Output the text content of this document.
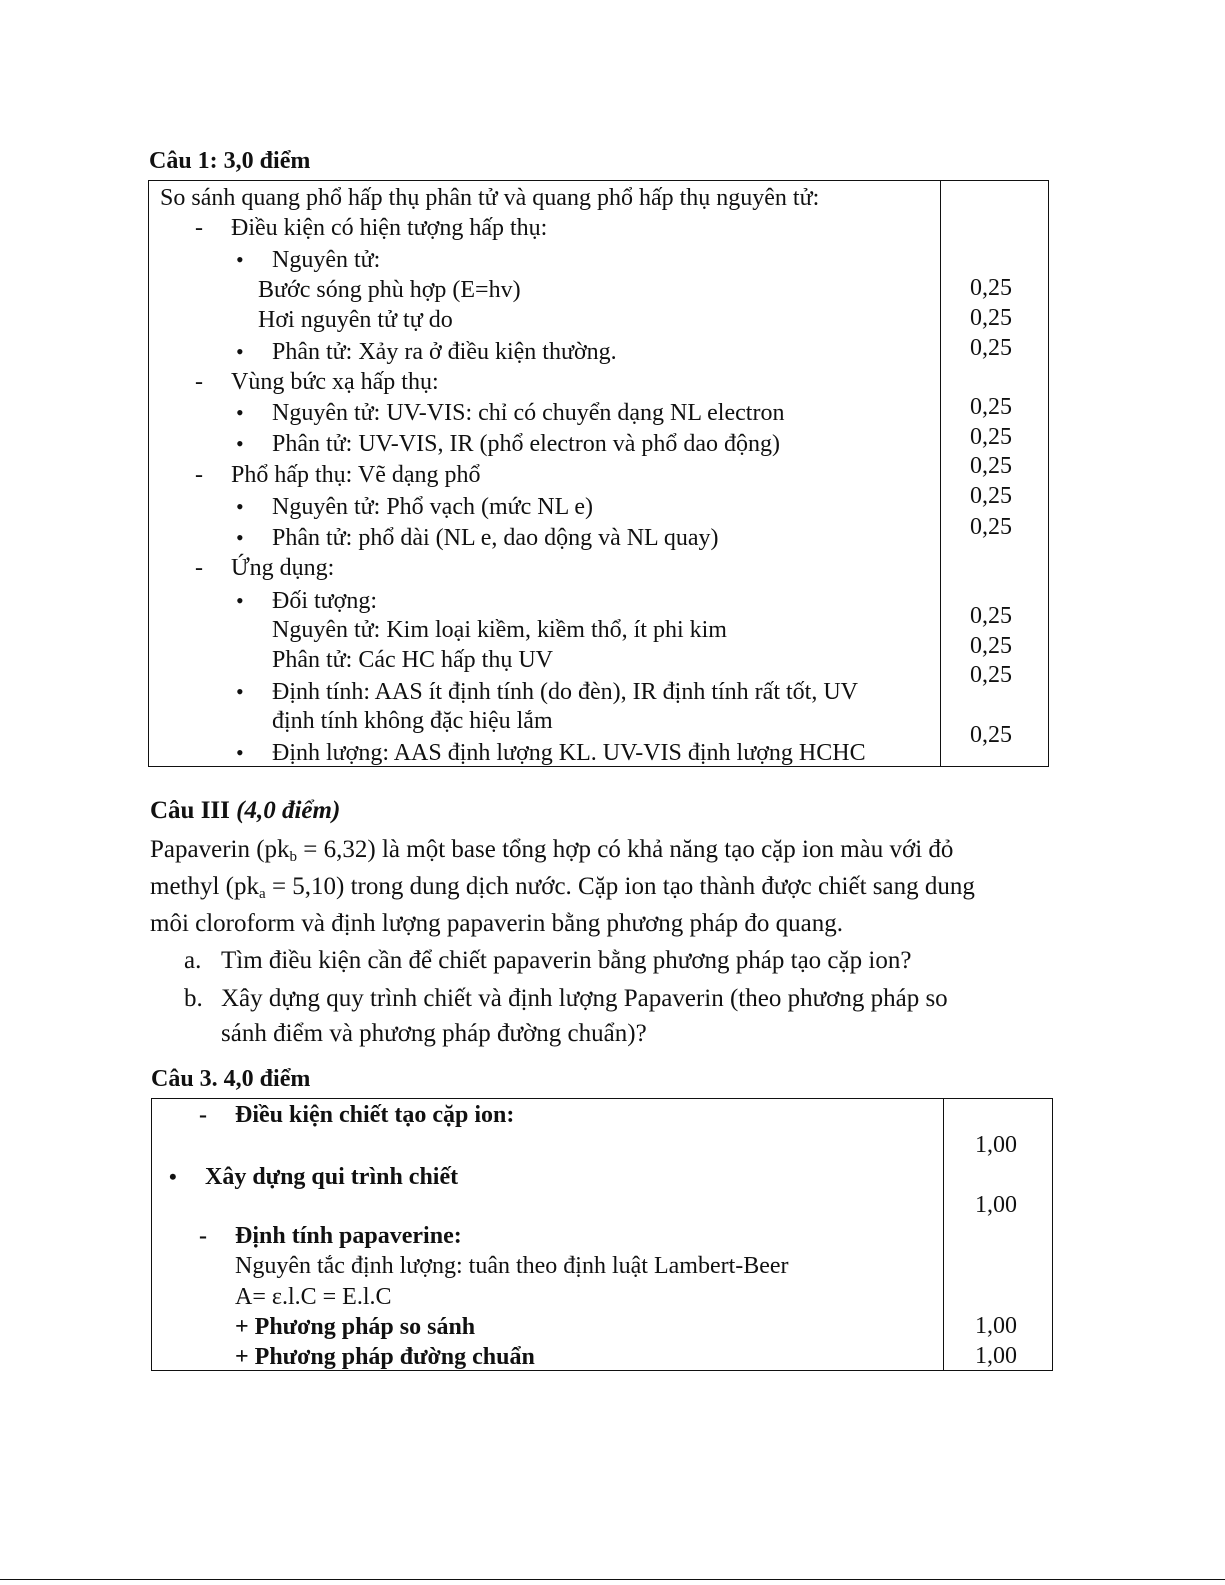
Câu 1: 3,0 điểm
So sánh quang phổ hấp thụ phân tử và quang phổ hấp thụ nguyên tử:
- Điều kiện có hiện tượng hấp thụ:
• Nguyên tử:
Bước sóng phù hợp (E=hv)
Hơi nguyên tử tự do
• Phân tử: Xảy ra ở điều kiện thường.
- Vùng bức xạ hấp thụ:
• Nguyên tử: UV-VIS: chỉ có chuyển dạng NL electron
• Phân tử: UV-VIS, IR (phổ electron và phổ dao động)
- Phổ hấp thụ: Vẽ dạng phổ
• Nguyên tử: Phổ vạch (mức NL e)
• Phân tử: phổ dài (NL e, dao dộng và NL quay)
- Ứng dụng:
• Đối tượng:
Nguyên tử: Kim loại kiềm, kiềm thổ, ít phi kim
Phân tử: Các HC hấp thụ UV
• Định tính: AAS ít định tính (do đèn), IR định tính rất tốt, UV
định tính không đặc hiệu lắm
• Định lượng: AAS định lượng KL. UV-VIS định lượng HCHC
0,25
0,25
0,25
0,25
0,25
0,25
0,25
0,25
0,25
0,25
0,25
0,25
Câu III (4,0 điểm)
Papaverin $(pk_b = 6,32)$ là một base tổng hợp có khả năng tạo cặp ion màu với đỏ
methyl $(pk_a = 5,10)$ trong dung dịch nước. Cặp ion tạo thành được chiết sang dung
môi cloroform và định lượng papaverin bằng phương pháp đo quang.
a. Tìm điều kiện cần để chiết papaverin bằng phương pháp tạo cặp ion?
b. Xây dựng quy trình chiết và định lượng Papaverin (theo phương pháp so
sánh điểm và phương pháp đường chuẩn)?
Câu 3. 4,0 điểm
- Điều kiện chiết tạo cặp ion:
• Xây dựng qui trình chiết
- Định tính papaverine:
Nguyên tắc định lượng: tuân theo định luật Lambert-Beer
A= ε.l.C = E.l.C
+ Phương pháp so sánh
+ Phương pháp đường chuẩn
1,00
1,00
1,00
1,00
